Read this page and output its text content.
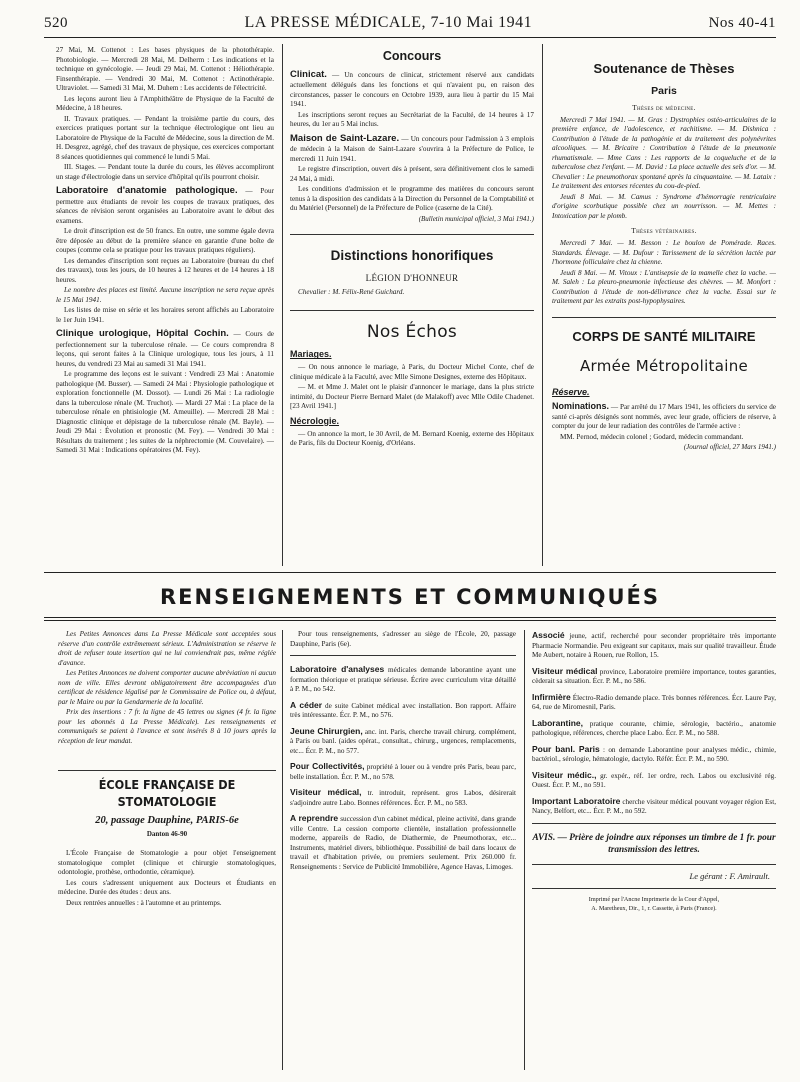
520	LA PRESSE MÉDICALE, 7-10 Mai 1941	Nos 40-41

27 Mai, M. Cottenot : Les bases physiques de la photothérapie. Photobiologie. — Mercredi 28 Mai, M. Delherm : Les indications et la technique en gynécologie. — Jeudi 29 Mai, M. Cottenot : Héliothérapie. Finsenthérapie. — Vendredi 30 Mai, M. Cottenot : Actinothérapie. Ultraviolet. — Samedi 31 Mai, M. Duhem : Les accidents de l'électricité.

Les leçons auront lieu à l'Amphithéâtre de Physique de la Faculté de Médecine, à 18 heures.

II. Travaux pratiques. — Pendant la troisième partie du cours, des exercices pratiques portant sur la technique électrologique ont lieu au Laboratoire de Physique de la Faculté de Médecine, sous la direction de M. H. Desgrez, agrégé, chef des travaux de physique, ces exercices comportant 8 séances quotidiennes qui commencé le lundi 5 Mai.

III. Stages. — Pendant toute la durée du cours, les élèves accompliront un stage d'électrologie dans un service d'hôpital qu'ils pourront choisir.

Laboratoire d'anatomie pathologique. — Pour permettre aux étudiants de revoir les coupes de travaux pratiques, des séances de révision seront organisées au Laboratoire avant le début des examens.

Le droit d'inscription est de 50 francs. En outre, une somme égale devra être déposée au début de la première séance en garantie d'une boîte de coupes (comme cela se pratique pour les travaux pratiques réguliers).

Les demandes d'inscription sont reçues au Laboratoire (bureau du chef des travaux), tous les jours, de 10 heures à 12 heures et de 14 heures à 18 heures.

Le nombre des places est limité. Aucune inscription ne sera reçue après le 15 Mai 1941.

Les listes de mise en série et les horaires seront affichés au Laboratoire le 1er Juin 1941.

Clinique urologique, Hôpital Cochin. — Cours de perfectionnement sur la tuberculose rénale. — Ce cours comprendra 8 leçons, qui seront faites à la Clinique urologique, tous les jours, à 11 heures, du vendredi 23 Mai au samedi 31 Mai 1941.

Le programme des leçons est le suivant : Vendredi 23 Mai : Anatomie pathologique (M. Busser). — Samedi 24 Mai : Physiologie pathologique et exploration fonctionnelle (M. Dossot). — Lundi 26 Mai : La radiologie dans la tuberculose rénale (M. Truchot). — Mardi 27 Mai : La place de la tuberculose rénale en phtisiologie (M. Ameuille). — Mercredi 28 Mai : Diagnostic clinique et dépistage de la tuberculose rénale (M. Bayle). — Jeudi 29 Mai : Évolution et pronostic (M. Fey). — Vendredi 30 Mai : Résultats du traitement ; les suites de la néphrectomie (M. Couvelaire). — Samedi 31 Mai : Indications opératoires (M. Fey).

Concours

Clinicat. — Un concours de clinicat, strictement réservé aux candidats actuellement délégués dans les fonctions et qui n'avaient pu, en raison des circonstances, passer le concours en Octobre 1939, aura lieu à partir du 15 Mai 1941.

Les inscriptions seront reçues au Secrétariat de la Faculté, de 14 heures à 17 heures, du 1er au 5 Mai inclus.

Maison de Saint-Lazare. — Un concours pour l'admission à 3 emplois de médecin à la Maison de Saint-Lazare s'ouvrira à la Préfecture de Police, le mercredi 11 Juin 1941.

Le registre d'inscription, ouvert dès à présent, sera définitivement clos le samedi 24 Mai, à midi.

Les conditions d'admission et le programme des matières du concours seront tenus à la disposition des candidats à la Direction du Personnel de la Comptabilité et du Matériel (Personnel) de la Préfecture de Police (caserne de la Cité).

(Bulletin municipal officiel, 3 Mai 1941.)
Distinctions honorifiques
LÉGION D'HONNEUR

Chevalier : M. Félix-René Guichard.

Nos Échos
Mariages.

— On nous annonce le mariage, à Paris, du Docteur Michel Conte, chef de clinique médicale à la Faculté, avec Mlle Simone Designes, externe des Hôpitaux.

— M. et Mme J. Malet ont le plaisir d'annoncer le mariage, dans la plus stricte intimité, du Docteur Pierre Bernard Malet (de Malakoff) avec Mlle Odile Chadenet. [23 Avril 1941.]

Nécrologie.

— On annonce la mort, le 30 Avril, de M. Bernard Koenig, externe des Hôpitaux de Paris, fils du Docteur Koenig, d'Orléans.

Soutenance de Thèses
Paris
Thèses de médecine.

Mercredi 7 Mai 1941. — M. Gras : Dystrophies ostéo-articulaires de la première enfance, de l'adolescence, et rachitisme. — M. Dishnica : Contribution à l'étude de la pathogénie et du traitement des polynévrites alcooliques. — M. Bricaire : Contribution à l'étude de la pneumonie rhumatismale. — Mme Cans : Les rapports de la coqueluche et de la tuberculose chez l'enfant. — M. David : La place actuelle des sels d'or. — M. Chevalier : Le pneumothorax spontané après la cinquantaine. — M. Lataix : Le traitement des entorses récentes du cou-de-pied.

Jeudi 8 Mai. — M. Camus : Syndrome d'hémorragie rentriculaire d'origine scorbutique possible chez un nourrisson. — M. Mettes : Intoxication par le plomb.

Thèses vétérinaires.

Mercredi 7 Mai. — M. Besson : Le boulon de Pomérade. Races. Standards. Élevage. — M. Dufour : Tarissement de la sécrétion lactée par l'hormone folliculaire chez la chienne.

Jeudi 8 Mai. — M. Vitoux : L'antisepsie de la mamelle chez la vache. — M. Saleh : La pleuro-pneumonie infectieuse des chèvres. — M. Monfort : Contribution à l'étude de non-délivrance chez la vache. Essai sur le traitement par les extraits post-hypophysaires.

CORPS DE SANTÉ MILITAIRE
Armée Métropolitaine
Réserve.

Nominations. — Par arrêté du 17 Mars 1941, les officiers du service de santé ci-après désignés sont nommés, avec leur grade, officiers de réserve, à compter du jour de leur radiation des contrôles de l'armée active :

MM. Pernod, médecin colonel ; Godard, médecin commandant.

(Journal officiel, 27 Mars 1941.)
RENSEIGNEMENTS ET COMMUNIQUÉS

Les Petites Annonces dans La Presse Médicale sont acceptées sous réserve d'un contrôle extrêmement sérieux. L'Administration se réserve le droit de refuser toute insertion qui ne lui conviendrait pas, même réglée d'avance.

Les Petites Annonces ne doivent comporter aucune abréviation ni aucun nom de ville. Elles devront obligatoirement être accompagnées d'un certificat de résidence légalisé par le Commissaire de Police ou, à défaut, par le Maire ou par la Gendarmerie de la localité.

Prix des insertions : 7 fr. la ligne de 45 lettres ou signes (4 fr. la ligne pour les abonnés à La Presse Médicale). Les renseignements et communiqués se paient à l'avance et sont insérés 8 à 10 jours après la réception de leur mandat.

ÉCOLE FRANÇAISE DE STOMATOLOGIE
20, passage Dauphine, PARIS-6e
Danton 46-90

L'École Française de Stomatologie a pour objet l'enseignement stomatologique complet (clinique et chirurgie stomatologiques, odontologie, prothèse, orthodontie, céramique).

Les cours s'adressent uniquement aux Docteurs et Étudiants en médecine. Durée des études : deux ans.

Deux rentrées annuelles : à l'automne et au printemps.

Pour tous renseignements, s'adresser au siège de l'École, 20, passage Dauphine, Paris (6e).

Laboratoire d'analyses médicales demande laborantine ayant une formation théorique et pratique sérieuse. Écrire avec curriculum vitæ détaillé à P. M., no 542.

A céder de suite Cabinet médical avec installation. Bon rapport. Affaire très intéressante. Écr. P. M., no 576.

Jeune Chirurgien, anc. int. Paris, cherche travail chirurg. complément, à Paris ou banl. (aides opérat., consultat., chirurg., urgences, remplacements, etc... Écr. P. M., no 577.

Pour Collectivités, propriété à louer ou à vendre près Paris, beau parc, belle installation. Écr. P. M., no 578.

Visiteur médical, tr. introduit, représent. gros Labos, désirerait s'adjoindre autre Labo. Bonnes références. Écr. P. M., no 583.

A reprendre succession d'un cabinet médical, pleine activité, dans grande ville Centre. La cession comporte clientèle, installation professionnelle moderne, appareils de Radio, de Diathermie, de Pneumothorax, etc... Instruments, matériel divers, bibliothèque. Possibilité de bail dans locaux de travail et d'habitation privée, ou premiers seulement. Prix 260.000 fr. Renseignements : Service de Publicité Immobilière, Agence Havas, Limoges.

Associé jeune, actif, recherché pour seconder propriétaire très importante Pharmacie Normandie. Peu exigeant sur capitaux, mais sur qualité travailleur. Étude Me Aubert, notaire à Rouen, rue Rollon, 15.

Visiteur médical province, Laboratoire première importance, toutes garanties, cèderait sa situation. Écr. P. M., no 586.

Infirmière Électro-Radio demande place. Très bonnes références. Écr. Laure Pay, 64, rue de Miromesnil, Paris.

Laborantine, pratique courante, chimie, sérologie, bactério., anatomie pathologique, références, cherche place Labo. Écr. P. M., no 588.

Pour banl. Paris : on demande Laborantine pour analyses médic., chimie, bactériol., sérologie, hématologie, dactylo. Référ. Écr. P. M., no 590.

Visiteur médic., gr. expér., réf. 1er ordre, rech. Labos ou exclusivité rég. Ouest. Écr. P. M., no 591.

Important Laboratoire cherche visiteur médical pouvant voyager région Est, Nancy, Belfort, etc... Écr. P. M., no 592.

AVIS. — Prière de joindre aux réponses un timbre de 1 fr. pour transmission des lettres.
Le gérant : F. Amirault.
Imprimé par l'Ancne Imprimerie de la Cour d'Appel,
A. Maretheux, Dir., 1, r. Cassette, à Paris (France).
